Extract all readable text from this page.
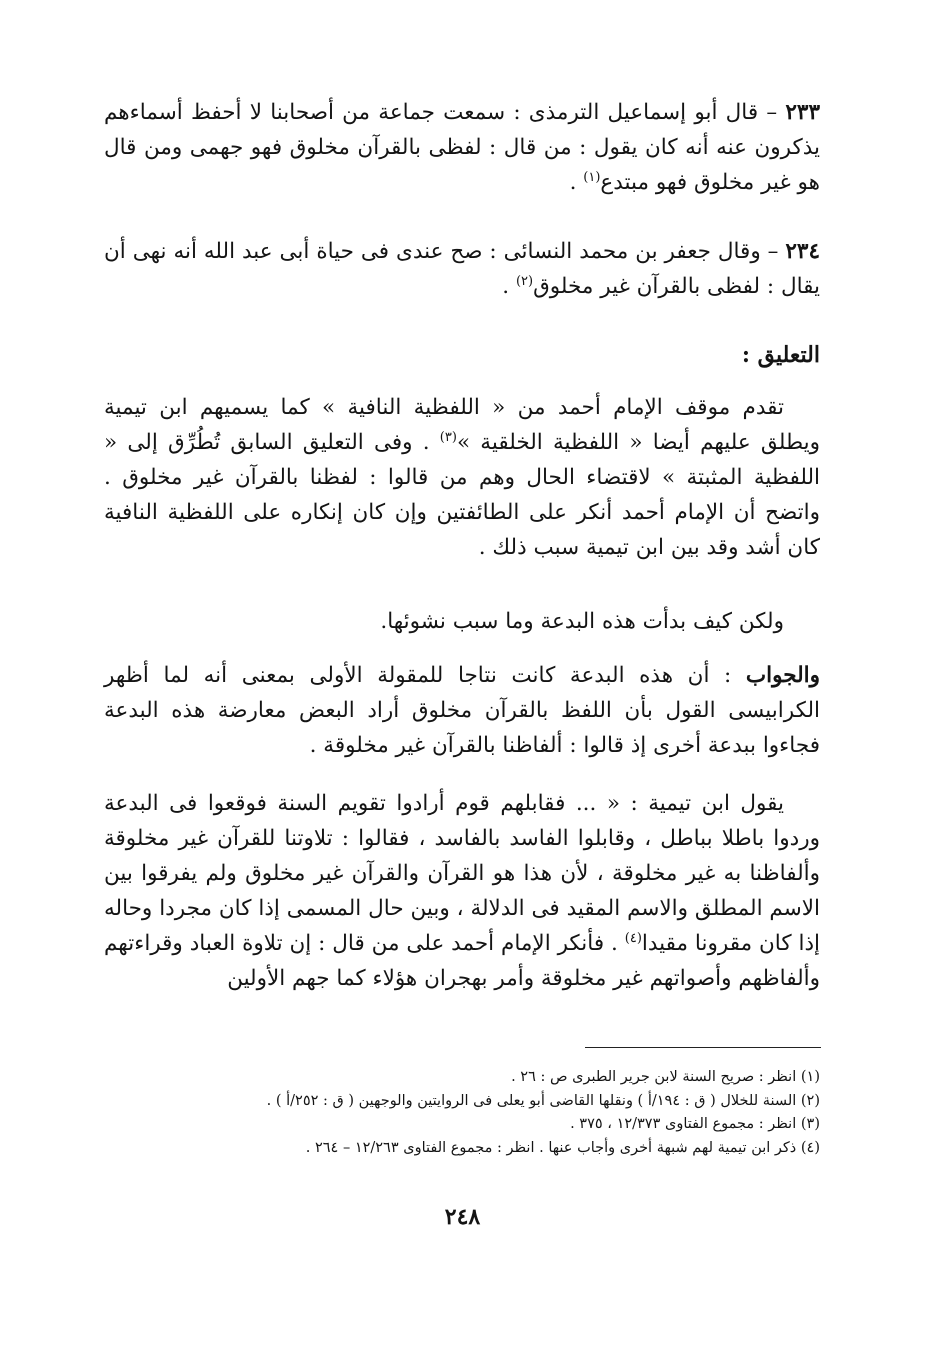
٢٣٣ – قال أبو إسماعيل الترمذى : سمعت جماعة من أصحابنا لا أحفظ أسماءهم يذكرون عنه أنه كان يقول : من قال : لفظى بالقرآن مخلوق فهو جهمى ومن قال هو غير مخلوق فهو مبتدع$^{(١)}$ .
٢٣٤ – وقال جعفر بن محمد النسائى : صح عندى فى حياة أبى عبد الله أنه نهى أن يقال : لفظى بالقرآن غير مخلوق$^{(٢)}$ .
التعليق :
تقدم موقف الإمام أحمد من « اللفظية النافية » كما يسميهم ابن تيمية ويطلق عليهم أيضا « اللفظية الخلقية »$^{(٣)}$ . وفى التعليق السابق تُطُرِّق إلى « اللفظية المثبتة » لاقتضاء الحال وهم من قالوا : لفظنا بالقرآن غير مخلوق . واتضح أن الإمام أحمد أنكر على الطائفتين وإن كان إنكاره على اللفظية النافية كان أشد وقد بين ابن تيمية سبب ذلك .
ولكن كيف بدأت هذه البدعة وما سبب نشوئها.
والجواب : أن هذه البدعة كانت نتاجا للمقولة الأولى بمعنى أنه لما أظهر الكرابيسى القول بأن اللفظ بالقرآن مخلوق أراد البعض معارضة هذه البدعة فجاءوا ببدعة أخرى إذ قالوا : ألفاظنا بالقرآن غير مخلوقة .
يقول ابن تيمية : « ... فقابلهم قوم أرادوا تقويم السنة فوقعوا فى البدعة وردوا باطلا بباطل ، وقابلوا الفاسد بالفاسد ، فقالوا : تلاوتنا للقرآن غير مخلوقة وألفاظنا به غير مخلوقة ، لأن هذا هو القرآن والقرآن غير مخلوق ولم يفرقوا بين الاسم المطلق والاسم المقيد فى الدلالة ، وبين حال المسمى إذا كان مجردا وحاله إذا كان مقرونا مقيدا$^{(٤)}$ . فأنكر الإمام أحمد على من قال : إن تلاوة العباد وقراءتهم وألفاظهم وأصواتهم غير مخلوقة وأمر بهجران هؤلاء كما جهم الأولين
(١) انظر : صريح السنة لابن جرير الطبرى ص : ٢٦ .
(٢) السنة للخلال ( ق : ١٩٤/أ ) ونقلها القاضى أبو يعلى فى الروايتين والوجهين ( ق : ٢٥٢/أ ) .
(٣) انظر : مجموع الفتاوى ١٢/٣٧٣ ، ٣٧٥ .
(٤) ذكر ابن تيمية لهم شبهة أخرى وأجاب عنها . انظر : مجموع الفتاوى ١٢/٢٦٣ – ٢٦٤ .
٢٤٨
